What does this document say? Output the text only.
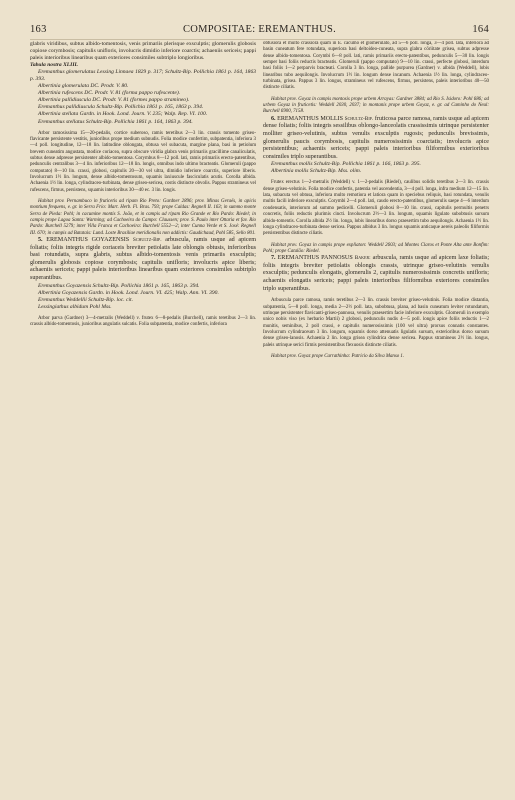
163	COMPOSITAE: EREMANTHUS.	164

glabris viridibus, subtus albido-tomentosis, venis primariis plerisque exsculptis; glomerulis globosis copiose corymbosis; capitulis uniflоris, involucris dimidio inferiore coarctis; achaeniis sericeis; pappi paleis interioribus linearibus quam exteriores consimiles subtriplo longioribus.

Tabula nostra XLIII.

Eremanthus glomerulatus Lessing Linnaea 1829 p. 317; Schultz-Bip. Pollichia 1861 p. 164, 1863 p. 393.

Albertinia glomerulata DC. Prodr. V. 80.

Albertinia rufescens DC. Prodr. V. 81 (forma pappo rufescente).

Albertinia pallidiuscula DC. Prodr. V. 81 (formes pappo stramineo).

Eremanthus pallidiuscula Schultz-Bip. Pollichia 1861 p. 165, 1863 p. 394.

Albertinia stellata Gardn. in Hook. Lond. Journ. V. 235; Walp. Rep. VI. 100.

Eremanthus stellatus Schultz-Bip. Pollichia 1861 p. 164, 1863 p. 394.

Arbor ramosissima 15—20-pedalis, cortice suberoso, ramis teretibus 2—3 lin. crassis tomento griseo-flavicante persistente vestitis, junioribus prope medium subnudis. Folia modice confertim, subpatentia, inferiora 3—4 poll. longitudine, 12—18 lin. latitudine oblongata, obtusa vel subacuta, margine plana, basi in petiolum brevem cuneatim angustata, modice coriacea, supra obscure viridia glabra venis primariis gracillime canaliculatis, subtus dense adpresse persistenter albido-tomentosa. Corymbus 8—12 poll. lati, ramis primariis erecto-patentibus, pedunculis centralibus 3—4 lin. inferioribus 12—18 lin. longis, omnibus indo ultimo bracteatis. Glomeruli (pappo computato) 8—10 lin. crassi, globosi, capitulis 20—30 vel ultra, dimidio inferiore coarctis, superiore liberis. Involucrum 1½ lin. longum, dense albido-tomentosum, squamis laxiuscule fasciculatis acutis. Corolla albida. Achaenia 1½ lin. longa, cylindraceo-turbinata, dense griseo-sericea, costis distincte obvolis. Pappus stramineus vel rufescens, firmus, persistens, squamis interioribus 30—40 ec. 3 lin. longis.

Habitat prov. Pernambuco in fruticetis ad ripam Rio Preto: Gardner 2896; prov. Minas Geraës, in apicis montium frequens, e. gr. in Serra Frio: Mart. Herb. Fl. Bras. 793; prope Caldas: Regnell II. 163; in summo monte Serra de Pieda: Pohl; in cacumine montis S. João, et in campis ad ripam Rio Grande et Rio Pardo: Riedel; in campis prope Lagoa Santa: Warming; ad Cachoeira do Campo: Claussen; prov. S. Paulo inter Ottaria et fav. Rio Pardo: Burchell 5279; inter Villa Franca et Cachoeira: Burchell 5552—2; inter Cunna Verde et S. José: Regnell III. 670; in campis ad Batatais: Lund. Loste Brasiliae meridionalis non addictis: Gaudichaud, Pohl 585, Sello 801.

5. EREMANTHUS GOYAZENSIS Schultz-Bip. arbuscula, ramis usque ad apicem foliatis; foliis integris rigide coriaceis breviter petiolatis late oblongis obtusis, inferioribus basi rotundatis, supra glabris, subtus albido-tomentosis venis primariis exsculptis; glomerulis globosis copiose corymbosis; capitulis uniflоris; involucris apice liberis; achaeniis sericeis; pappi paleis interioribus linearibus quam exteriores consimiles subtriplo superantibus.

Eremanthus Goyazensis Schultz-Bip. Pollichia 1861 p. 165, 1863 p. 394.

Albertinia Goyazensis Gardn. in Hook. Lond. Journ. VI. 425; Walp. Ann. VI. 390.

Eremanthus Weddellii Schultz-Bip. loc. cit.

Lessingiathus albidum Pohl Mss.

Arbor parva (Gardner) 3—4-metralis (Weddell) v. frutex 6—8-pedalis (Burchell), ramis teretibus 2—3 lin. crassis albido-tomentosis, junioribus angulatis sulcatis. Folia subpatentia, modice confertis, inferiora

obtusiora et multo crassiora quam in E. cacumo et glomerulato, ad 5—6 poll. longa, 3—4 poll. lata, inferiora ad basin cuneatum fere rotundata, superiora basi deltoideo-cuneata, supra glabra cōriitate grisea, subtus adpresse dense albido-tomentosa. Corymbi 6—8 poll. lati, ramis primariis erecto-patentibus, pedunculis 5—30 lin. longis semper basi foliis reductis bracteatis. Glomeruli (pappo computato) 9—10 lin. crassi, perfecte globosi, interdum basi foliis 1—2 perparvis bracteati. Corolla 3 lin. longa, pallide purpurea (Gardner) v. albida (Weddell), lobis linearibus tubo aequilongis. Involucrum 1½ lin. longum dense incanum. Achaenia 1½ lin. longa, cylindraceo-turbinata, grisea. Pappus 3 lin. longus, stramineus vel rufescens, firmus, persistens, paleis interioribus 40—50 distincte ciliatis.

Habitat prov. Goyaz in campis montosis prope urbem Arrayas: Gardner 3884; ad Rio S. Isidoro: Pohl 686; ad urbem Goyaz in fruticetis: Weddell 2030, 2037; in montanis prope urbem Goyaz, e. gr. ad Caminho do Neul: Burchell 6900, 7158.

6. EREMANTHUS MOLLIS Schultz-Bip. fruticosa parce ramosa, ramis usque ad apicem dense foliatis; foliis integris sessilibus oblongo-lanceolatis crassissimis utrinque persistenter molliter griseo-velutinis, subtus venulis exsculptis rugosis; pedunculis brevissimis, glomerulis paucis corymbosis, capitulis numerosissimis coarctatis; involucris apice persistentibus; achaeniis sericeis; pappi paleis interioribus filiformibus exterioribus consimiles triplo superantibus.

Eremanthus mollis Schultz-Bip. Pollichia 1861 p. 166, 1863 p. 395.

Albertinia mollis Schultz-Bip. Mss. olim.

Frutex erectus 1—2-metralis (Weddell) v. 1—2-pedalis (Riedel), caulibus solidis teretibus 2—3 lin. crassis dense griseo-velutinis. Folia modice confertis, patentia vel ascendentia, 3—4 poll. longa, infra medium 12—15 lin. lata, subacuta vel obtusa, inferiora multo remotiora et latiora quam in speciebus reliquis, basi rotundata, venulis multis facili inferiore exsculptis. Corymbi 2—4 poll. lati, caudo erecto-patentibus, glomerulis saepe 4—6 interdum condensatis, interiorum ad summo pedicelli. Glomeruli globosi 8—10 lin. crassi, capitulis permultis penetrs concretis, foliis reductis plurimis cincti. Involucrum 2½—3 lin. longum, squamis ligulato subobtusis sursum albido-tomentis. Corolla albida 2½ lin. longa, lobis linearibus dorso praesertim tubo aequilongis. Achaenia 1½ lin. longa cylindraceo-turbinata dense sericea. Pappus albidus 3 lin. longus squamis anticaque aereis paleolis filiformis persistentibus distincte ciliatis.

Habitat prov. Goyaz in campis prope expliaton: Weddell 2603; ad Montes Claros et Ponte Alta ante Bonfim: Pohl; prope Catalão: Riedel.

7. EREMANTHUS PANNOSUS Baker: arbuscula, ramis usque ad apicem laxe foliatis; foliis integris breviter petiolatis oblongis crassis, utrinque griseo-velutinis venulis exsculptis; pedunculis elongatis, glomerulis 2, capitulis numerosissimis concretis uniflоris; achaeniis elongatis sericeis; pappi paleis interioribus filiformibus exteriores consimiles triplo superantibus.

Arbuscula parce ramosa, ramis teretibus 2—3 lin. crassis breviter griseo-velutinis. Folia modice distantia, subpatentia, 5—8 poll. longa, media 2—2½ poll. lata, subobtusa, plana, ad basin cuneatum leviter rotundatum, utrinque persistenter flavicanti-griseo-pannosa, venulis praesertim facie inferiore exsculptis. Glomeruli in exemplo unico nobis viso (ex herbario Martii) 2 globosi, pedunculis nudis 4—5 poll. longis apice foliis reductis 1—2 munitis, seminibus, 2 poll crassi, e capitulis numerosissimis (100 vel ultra) prorsus connatis constantes. Involucrum cylindraceum 3 lin. longum, squamis dorso attenuatis ligulatis sursum, exterioribus dorso sursum dense griseo-lanosis. Achaenia 2 lin. longa grisea cylindrica dense sericea. Pappus stramineus 2½ lin. longus, paleis utrinque serici firmis persistentibus flexuosis distincte ciliatis.

Habitat prov. Goyaz prope Carrathinha: Patricio da Silva Manso 1.
